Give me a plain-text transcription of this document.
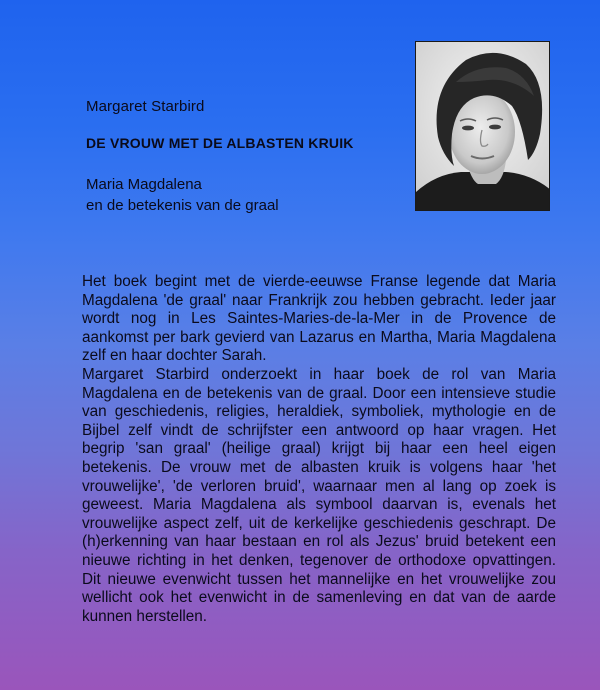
Margaret Starbird
DE VROUW MET DE ALBASTEN KRUIK
Maria Magdalena
en de betekenis van de graal

Het boek begint met de vierde-eeuwse Franse legende dat Maria Magdalena 'de graal' naar Frankrijk zou hebben gebracht. Ieder jaar wordt nog in Les Saintes-Maries-de-la-Mer in de Provence de aankomst per bark gevierd van Lazarus en Martha, Maria Magdalena zelf en haar dochter Sarah.

Margaret Starbird onderzoekt in haar boek de rol van Maria Magdalena en de betekenis van de graal. Door een intensieve studie van geschiedenis, religies, heraldiek, symboliek, mythologie en de Bijbel zelf vindt de schrijfster een antwoord op haar vragen. Het begrip 'san graal' (heilige graal) krijgt bij haar een heel eigen betekenis. De vrouw met de albasten kruik is volgens haar 'het vrouwelijke', 'de verloren bruid', waarnaar men al lang op zoek is geweest. Maria Magdalena als symbool daarvan is, evenals het vrouwelijke aspect zelf, uit de kerkelijke geschiedenis geschrapt. De (h)erkenning van haar bestaan en rol als Jezus' bruid betekent een nieuwe richting in het denken, tegenover de orthodoxe opvattingen. Dit nieuwe evenwicht tussen het mannelijke en het vrouwelijke zou wellicht ook het evenwicht in de samenleving en dat van de aarde kunnen herstellen.
